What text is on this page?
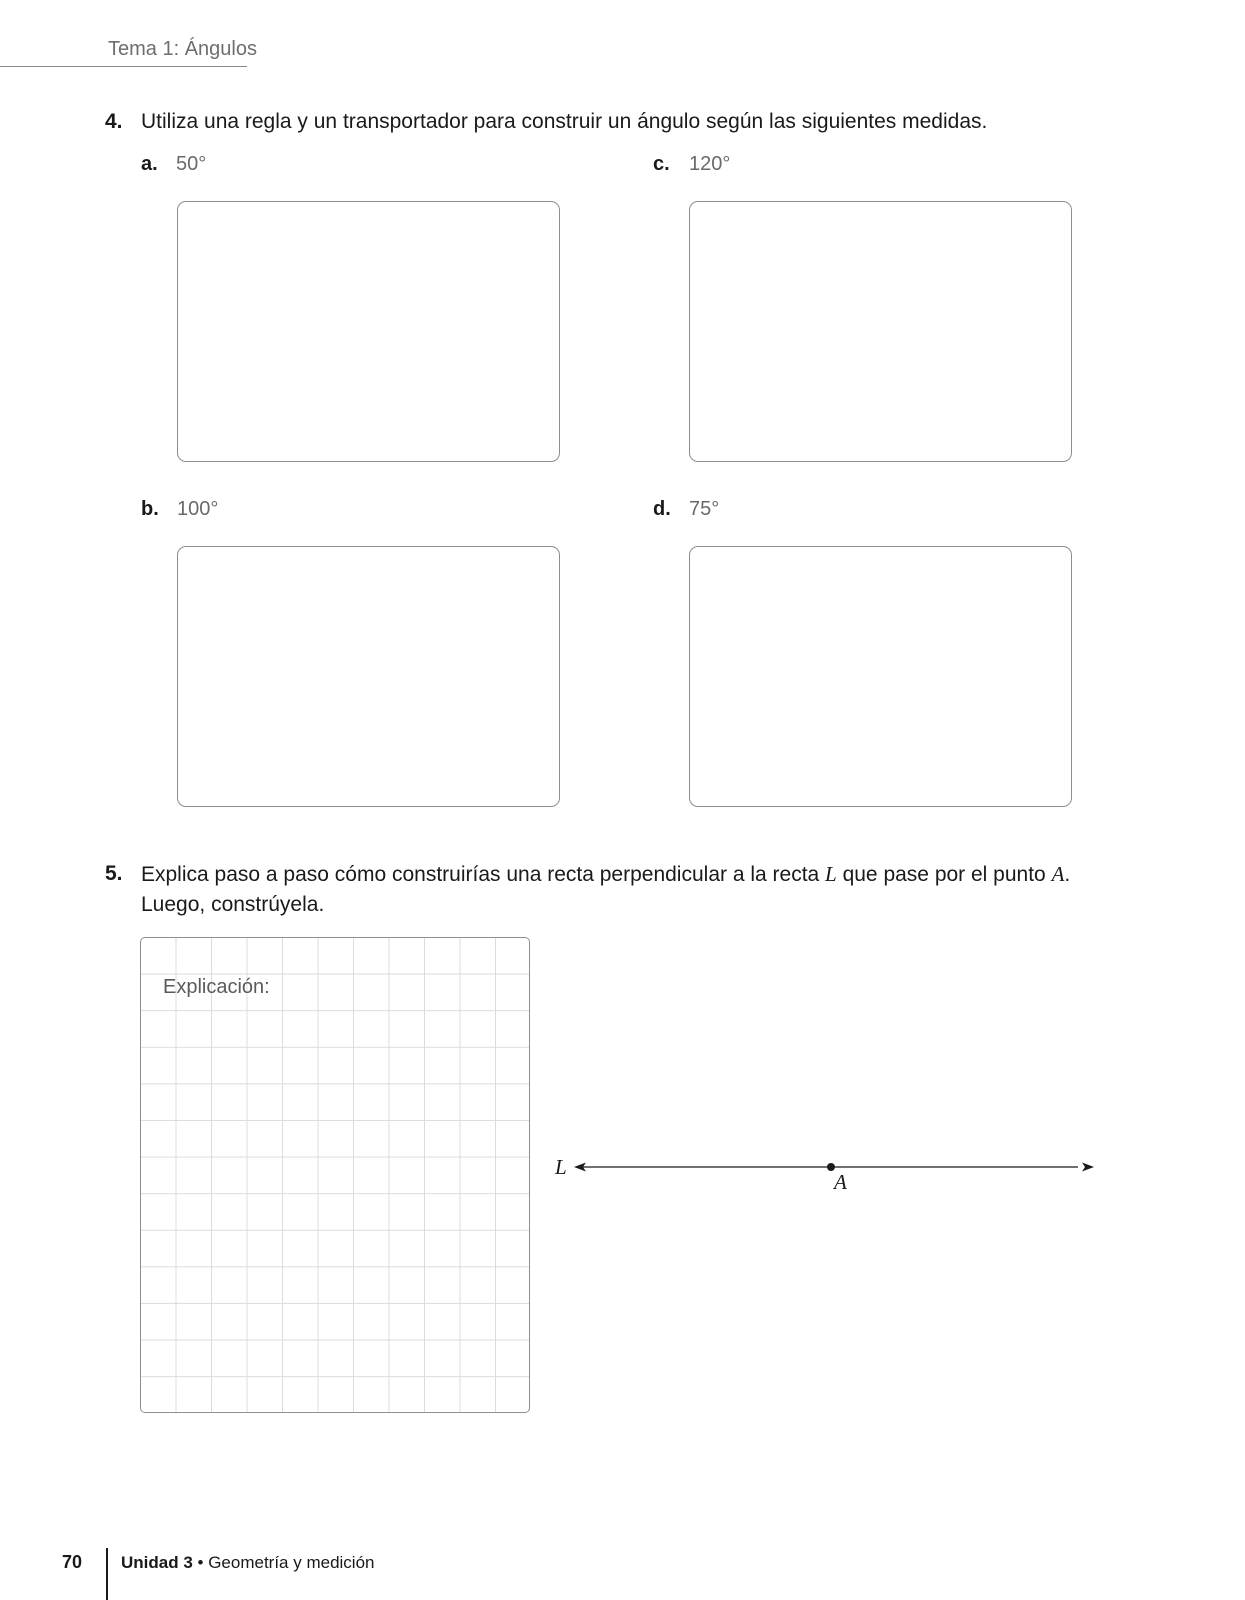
Tema 1: Ángulos
4. Utiliza una regla y un transportador para construir un ángulo según las siguientes medidas.
a. 50°	c. 120°
b. 100°	d. 75°
5. Explica paso a paso cómo construirías una recta perpendicular a la recta L que pase por el punto A.
Luego, constrúyela.
Explicación:
L
A
70 Unidad 3 • Geometría y medición
